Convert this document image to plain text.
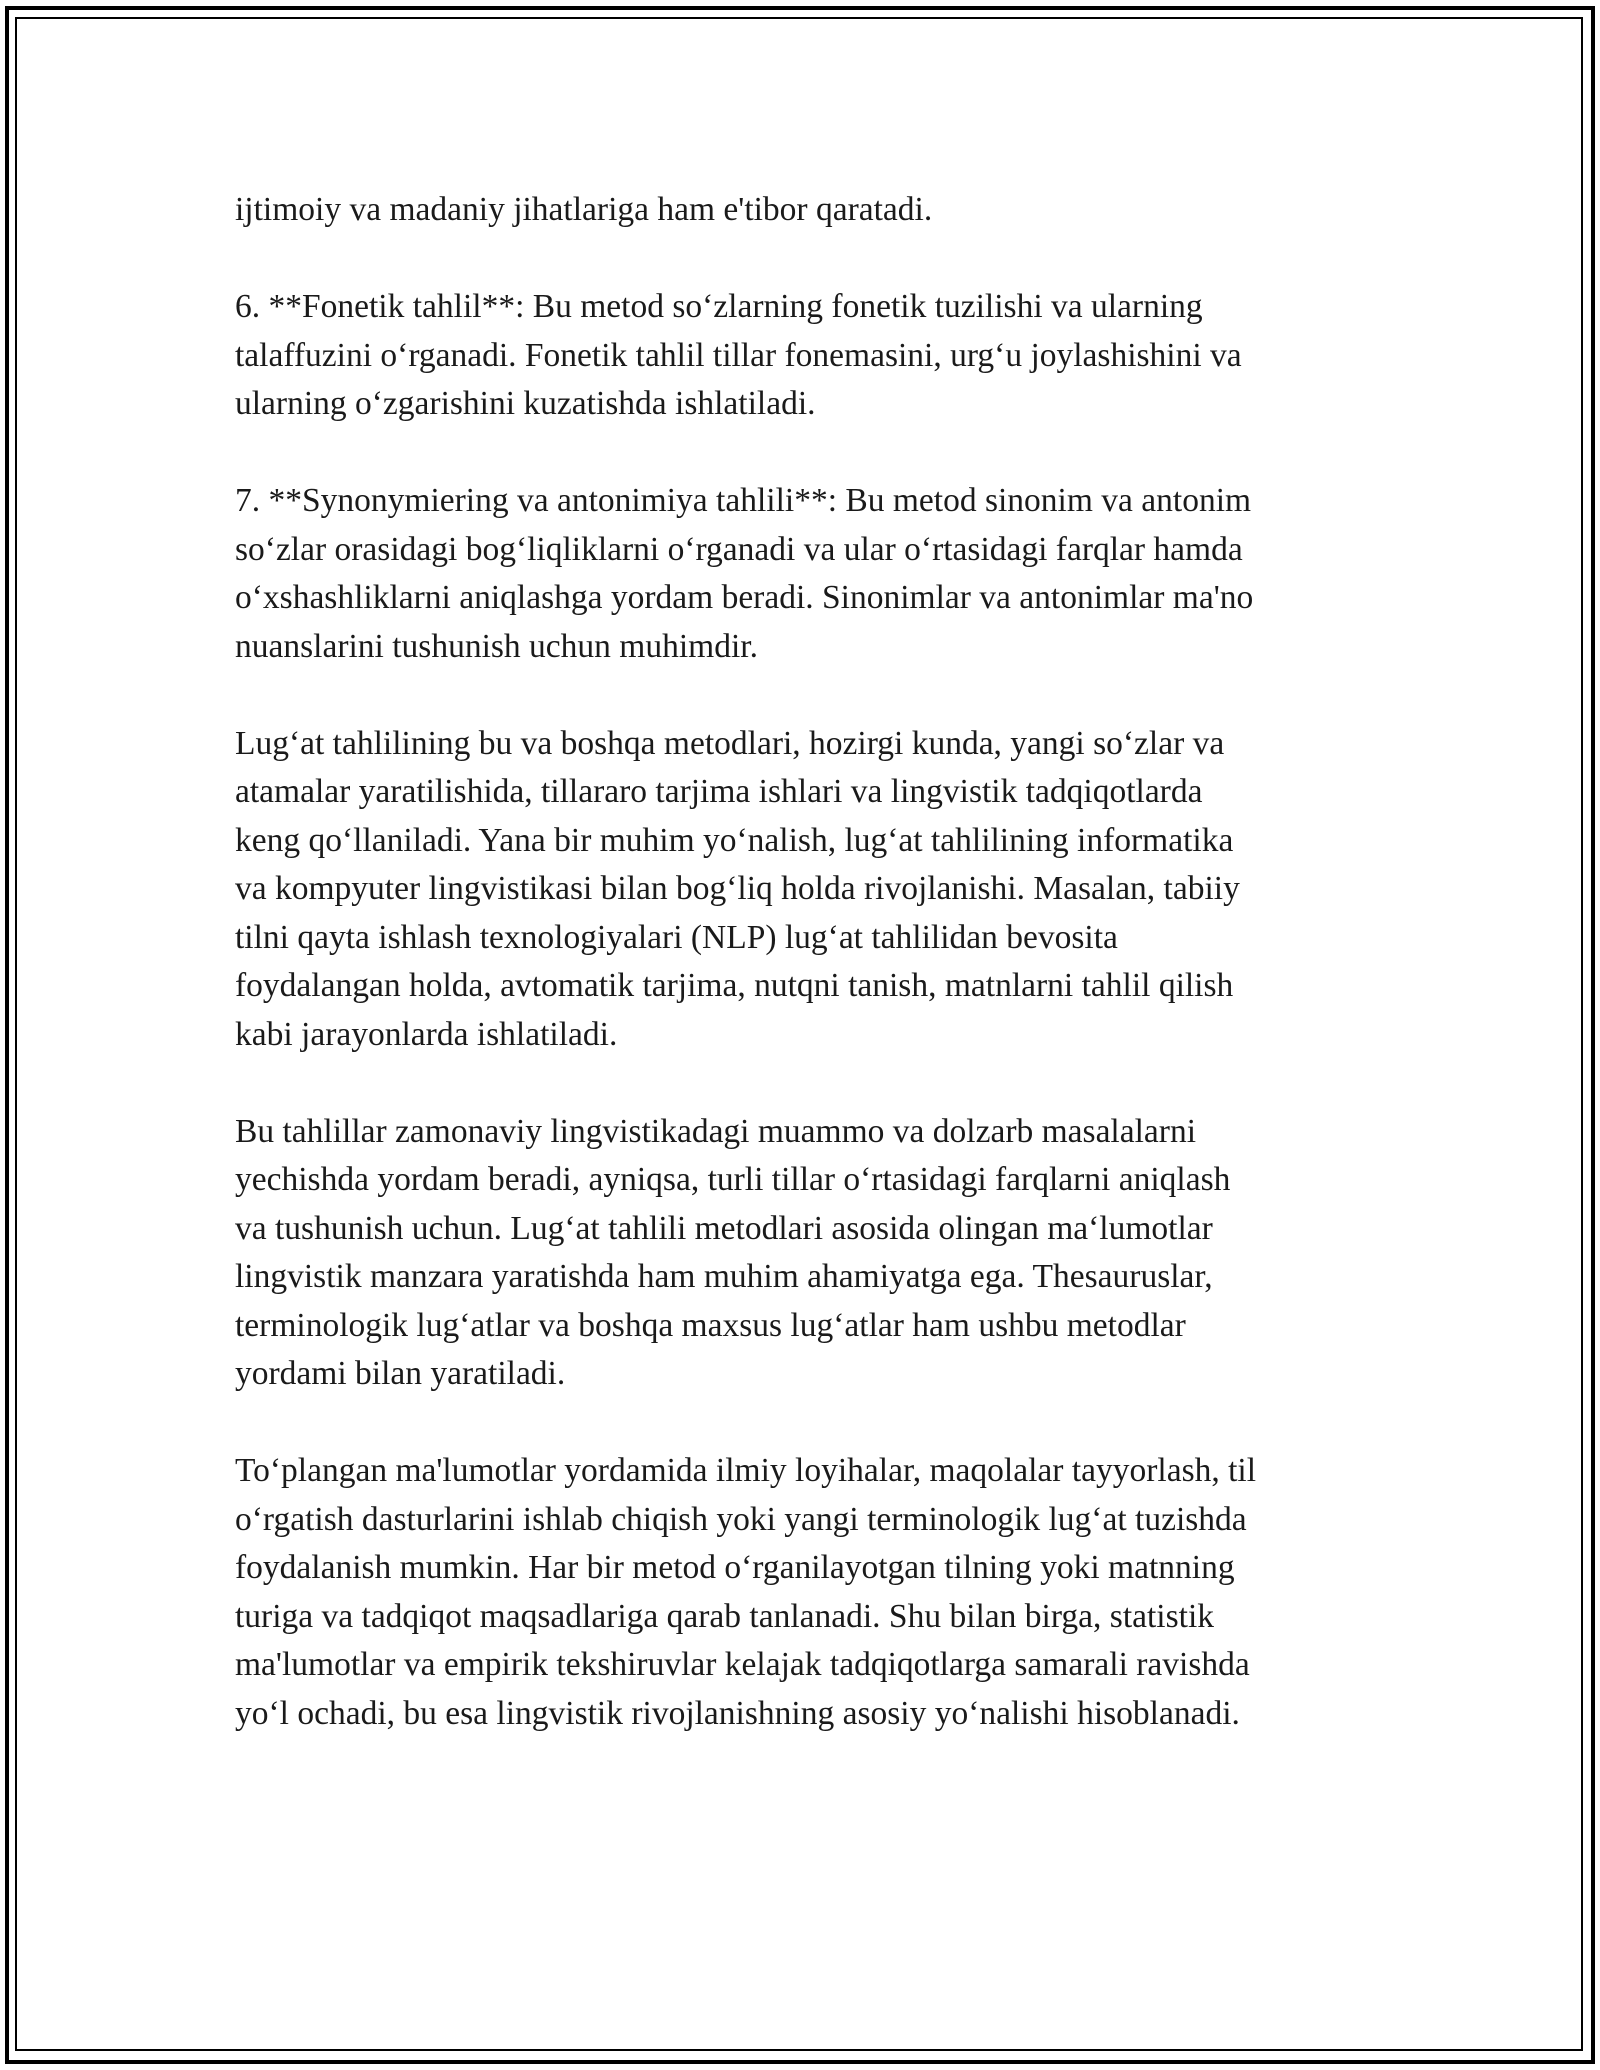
ijtimoiy va madaniy jihatlariga ham e'tibor qaratadi.

6. **Fonetik tahlil**: Bu metod so‘zlarning fonetik tuzilishi va ularning
talaffuzini o‘rganadi. Fonetik tahlil tillar fonemasini, urg‘u joylashishini va
ularning o‘zgarishini kuzatishda ishlatiladi.

7. **Synonymiering va antonimiya tahlili**: Bu metod sinonim va antonim
so‘zlar orasidagi bog‘liqliklarni o‘rganadi va ular o‘rtasidagi farqlar hamda
o‘xshashliklarni aniqlashga yordam beradi. Sinonimlar va antonimlar ma'no
nuanslarini tushunish uchun muhimdir.

Lug‘at tahlilining bu va boshqa metodlari, hozirgi kunda, yangi so‘zlar va
atamalar yaratilishida, tillararo tarjima ishlari va lingvistik tadqiqotlarda
keng qo‘llaniladi. Yana bir muhim yo‘nalish, lug‘at tahlilining informatika
va kompyuter lingvistikasi bilan bog‘liq holda rivojlanishi. Masalan, tabiiy
tilni qayta ishlash texnologiyalari (NLP) lug‘at tahlilidan bevosita
foydalangan holda, avtomatik tarjima, nutqni tanish, matnlarni tahlil qilish
kabi jarayonlarda ishlatiladi.

Bu tahlillar zamonaviy lingvistikadagi muammo va dolzarb masalalarni
yechishda yordam beradi, ayniqsa, turli tillar o‘rtasidagi farqlarni aniqlash
va tushunish uchun. Lug‘at tahlili metodlari asosida olingan ma‘lumotlar
lingvistik manzara yaratishda ham muhim ahamiyatga ega. Thesauruslar,
terminologik lug‘atlar va boshqa maxsus lug‘atlar ham ushbu metodlar
yordami bilan yaratiladi.

To‘plangan ma'lumotlar yordamida ilmiy loyihalar, maqolalar tayyorlash, til
o‘rgatish dasturlarini ishlab chiqish yoki yangi terminologik lug‘at tuzishda
foydalanish mumkin. Har bir metod o‘rganilayotgan tilning yoki matnning
turiga va tadqiqot maqsadlariga qarab tanlanadi. Shu bilan birga, statistik
ma'lumotlar va empirik tekshiruvlar kelajak tadqiqotlarga samarali ravishda
yo‘l ochadi, bu esa lingvistik rivojlanishning asosiy yo‘nalishi hisoblanadi.
